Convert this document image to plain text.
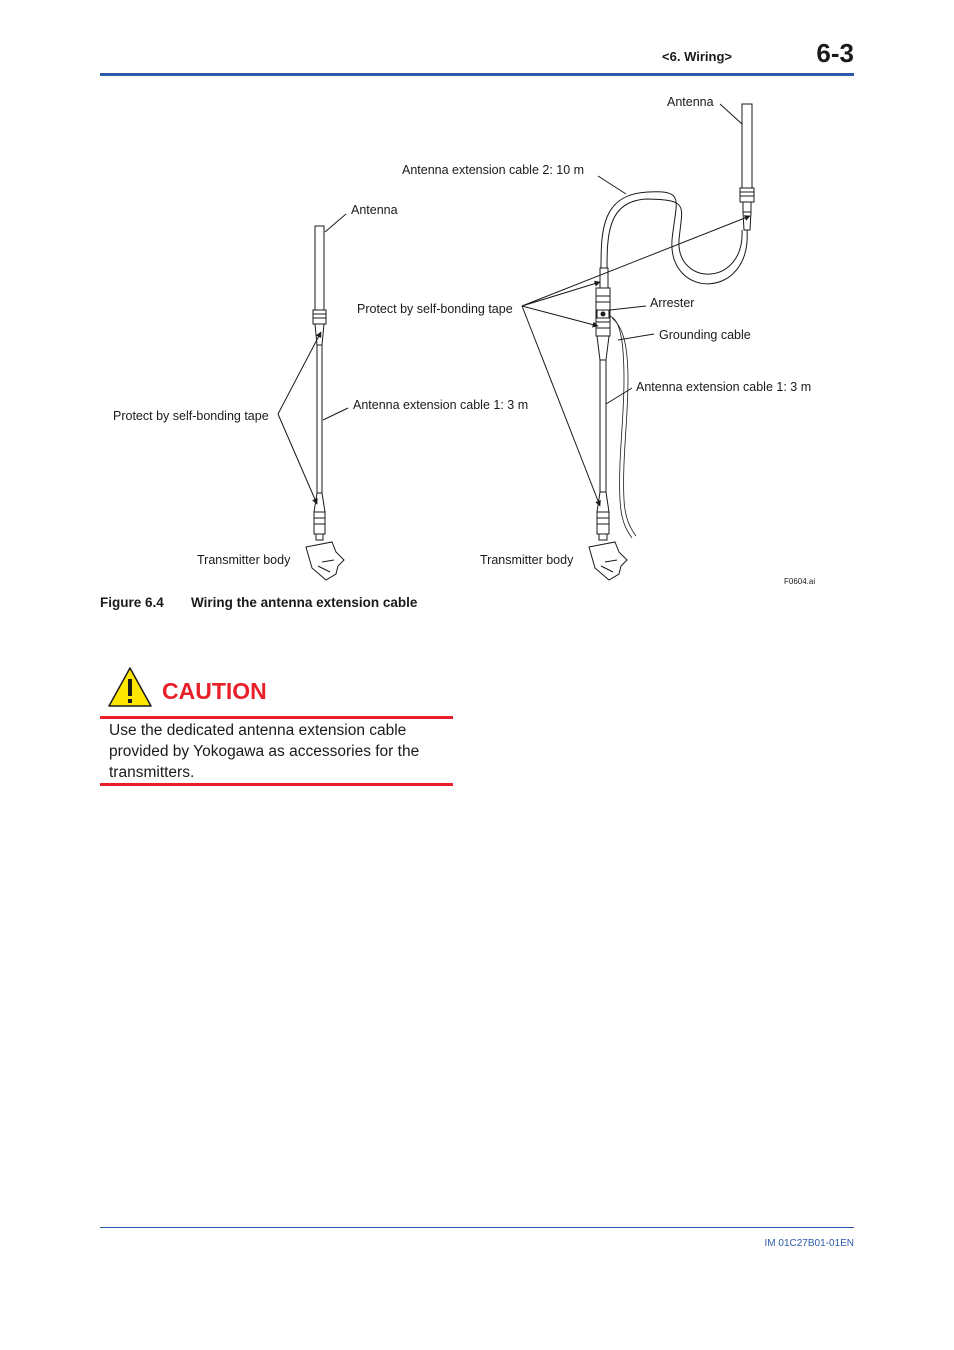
<6. Wiring>	6-3
Antenna
Protect by self-bonding tape
Antenna extension cable 1: 3 m
Transmitter body
Antenna
Antenna extension cable 2: 10 m
Protect by self-bonding tape	Arrester
Grounding cable
Antenna extension cable 1: 3 m
Transmitter body
F0604.ai
Figure 6.4 Wiring the antenna extension cable
CAUTION
Use the dedicated antenna extension cable provided by Yokogawa as accessories for the transmitters.
IM 01C27B01-01EN
